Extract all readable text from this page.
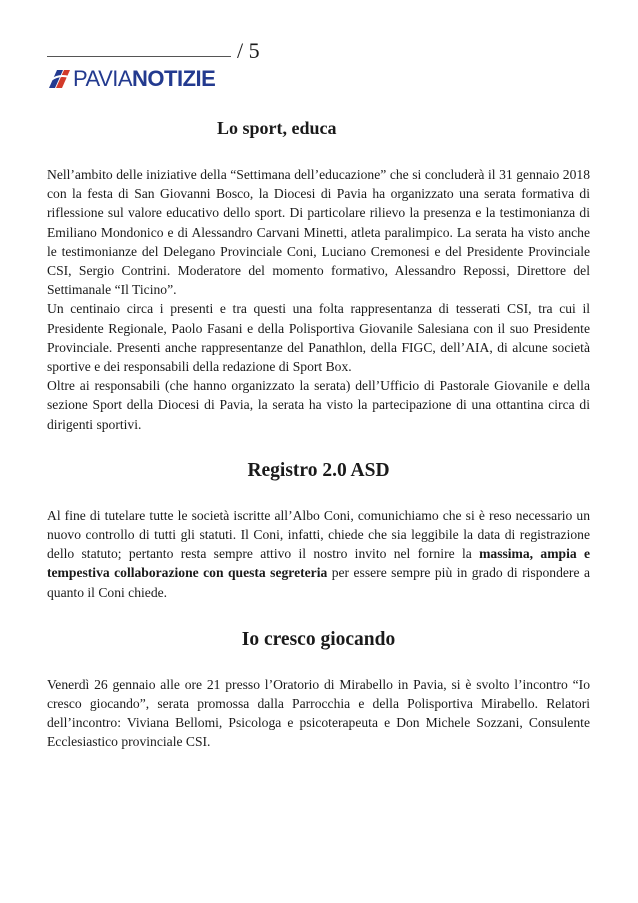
PAVIANOTIZIE
/ 5
Lo sport, educa

Nell’ambito delle iniziative della “Settimana dell’educazione” che si concluderà il 31 gennaio 2018 con la festa di San Giovanni Bosco, la Diocesi di Pavia ha organizzato una serata formativa di riflessione sul valore educativo dello sport. Di particolare rilievo la presenza e la testimonianza di Emiliano Mondonico e di Alessandro Carvani Minetti, atleta paralimpico. La serata ha visto anche le testimonianze del Delegano Provinciale Coni, Luciano Cremonesi e del Presidente Provinciale CSI, Sergio Contrini. Moderatore del momento formativo, Alessandro Repossi, Direttore del Settimanale “Il Ticino”.

Un centinaio circa i presenti e tra questi una folta rappresentanza di tesserati CSI, tra cui il Presidente Regionale, Paolo Fasani e della Polisportiva Giovanile Salesiana con il suo Presidente Provinciale. Presenti anche rappresentanze del Panathlon, della FIGC, dell’AIA, di alcune società sportive e dei responsabili della redazione di Sport Box.

Oltre ai responsabili (che hanno organizzato la serata) dell’Ufficio di Pastorale Giovanile e della sezione Sport della Diocesi di Pavia, la serata ha visto la partecipazione di una ottantina circa di dirigenti sportivi.

Registro 2.0 ASD

Al fine di tutelare tutte le società iscritte all’Albo Coni, comunichiamo che si è reso necessario un nuovo controllo di tutti gli statuti. Il Coni, infatti, chiede che sia leggibile la data di registrazione dello statuto; pertanto resta sempre attivo il nostro invito nel fornire la massima, ampia e tempestiva collaborazione con questa segreteria per essere sempre più in grado di rispondere a quanto il Coni chiede.

Io cresco giocando

Venerdì 26 gennaio alle ore 21 presso l’Oratorio di Mirabello in Pavia, si è svolto l’incontro “Io cresco giocando”, serata promossa dalla Parrocchia e della Polisportiva Mirabello. Relatori dell’incontro: Viviana Bellomi, Psicologa e psicoterapeuta e Don Michele Sozzani, Consulente Ecclesiastico provinciale CSI.
